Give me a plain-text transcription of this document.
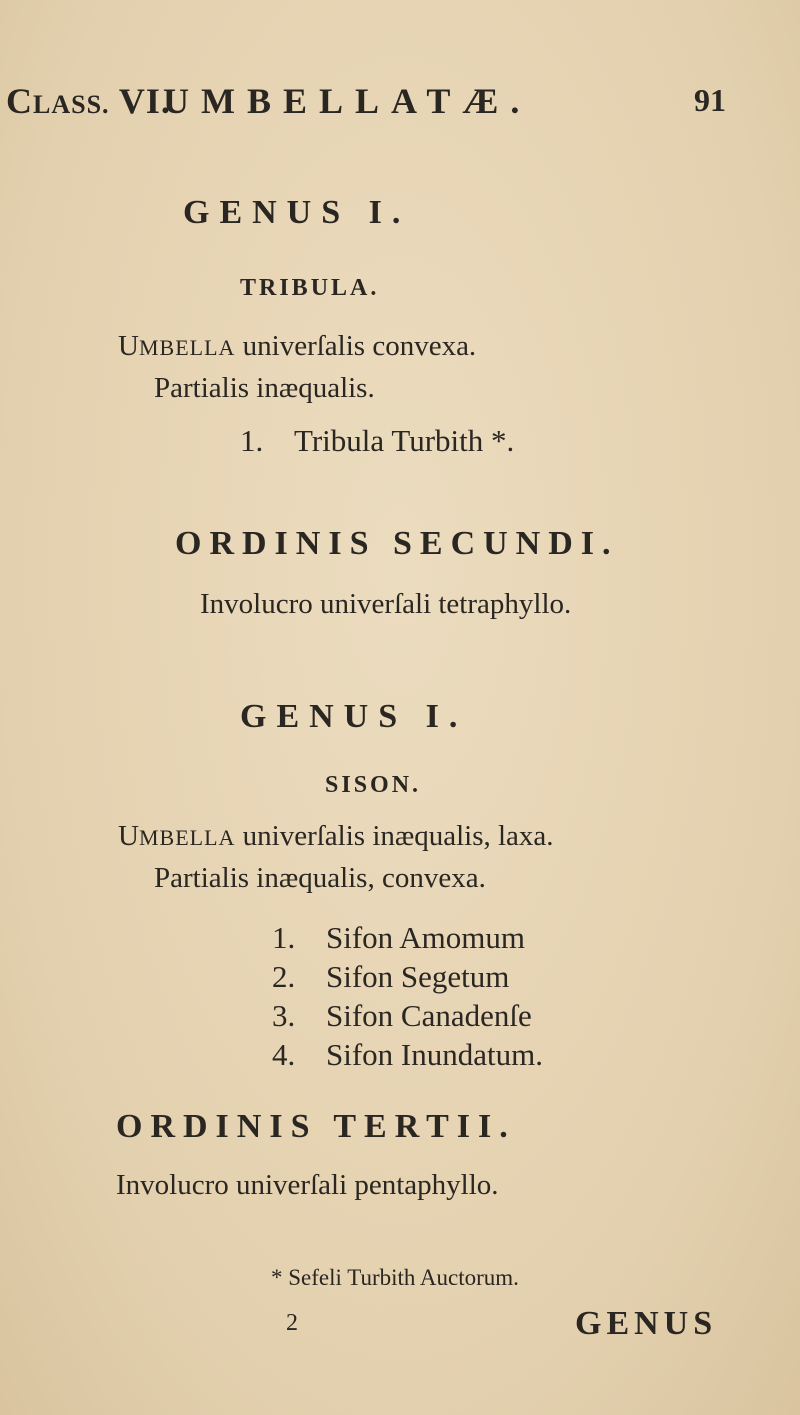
CLASS. VI.
UMBELLATÆ.	91
GENUS I.
TRIBULA.
UMBELLA univerſalis convexa.
Partialis inæqualis.
1. Tribula Turbith *.
ORDINIS SECUNDI.
Involucro univerſali tetraphyllo.
GENUS I.
SISON.
UMBELLA univerſalis inæqualis, laxa.
Partialis inæqualis, convexa.
1. Sifon Amomum
2. Sifon Segetum
3. Sifon Canadenſe
4. Sifon Inundatum.
ORDINIS TERTII.
Involucro univerſali pentaphyllo.
* Sefeli Turbith Auctorum.
2	GENUS
